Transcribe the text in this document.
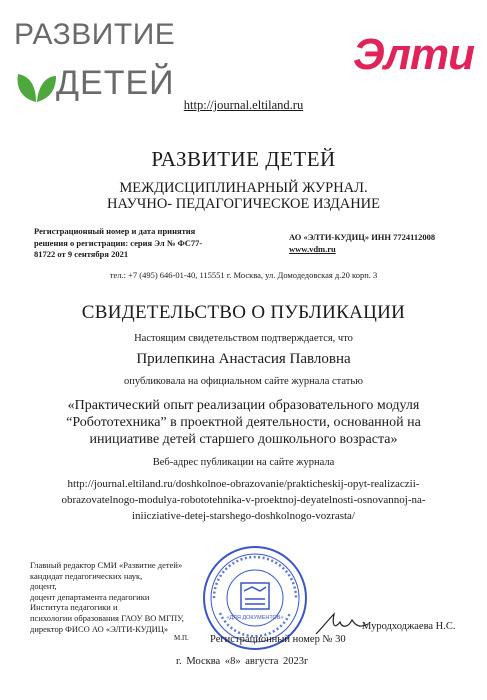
РАЗВИТИЕ
ДЕТЕЙ
Элти
http://journal.eltiland.ru
РАЗВИТИЕ ДЕТЕЙ
МЕЖДИСЦИПЛИНАРНЫЙ ЖУРНАЛ.
НАУЧНО- ПЕДАГОГИЧЕСКОЕ ИЗДАНИЕ
Регистрационный номер и дата принятия
решения о регистрации: серия Эл № ФС77-
81722 от 9 сентября 2021
АО «ЭЛТИ-КУДИЦ» ИНН 7724112008
www.vdm.ru
тел.: +7 (495) 646-01-40, 115551 г. Москва, ул. Домодедовская д.20 корп. 3
СВИДЕТЕЛЬСТВО О ПУБЛИКАЦИИ
Настоящим свидетельством подтверждается, что
Прилепкина Анастасия Павловна
опубликовала на официальном сайте журнала статью
«Практический опыт реализации образовательного модуля “Робототехника” в проектной деятельности, основанной на инициативе детей старшего дошкольного возраста»
Веб-адрес публикации на сайте журнала
http://journal.eltiland.ru/doshkolnoe-obrazovanie/prakticheskij-opyt-realizaczii-
obrazovatelnogo-modulya-robototehnika-v-proektnoj-deyatelnosti-osnovannoj-na-
iniicziative-detej-starshego-doshkolnogo-vozrasta/
Главный редактор СМИ «Развитие детей»
кандидат педагогических наук,
доцент,
доцент департамента педагогики
Института педагогики и
психологии образования ГАОУ ВО МГПУ,
директор ФИСО АО «ЭЛТИ-КУДИЦ»
«ДЛЯ ДОКУМЕНТОВ»
М.П. Регистрационный номер № 30
Муродходжаева Н.С.
г. Москва «8» августа 2023г
